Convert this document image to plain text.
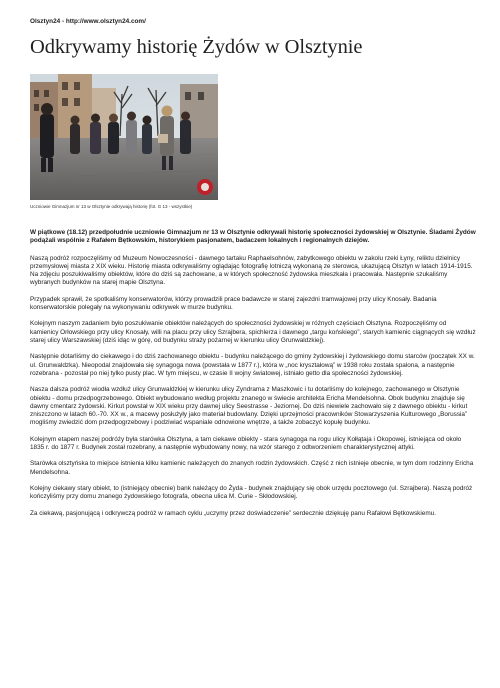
Olsztyn24 - http://www.olsztyn24.com/
Odkrywamy historię Żydów w Olsztynie
Uczniowie Gimnazjum nr 13 w Olsztynie odkrywają historię (fot. G 13 - wszystkie)

W piątkowe (18.12) przedpołudnie uczniowie Gimnazjum nr 13 w Olsztynie odkrywali historię społeczności żydowskiej w Olsztynie. Śladami Żydów podążali wspólnie z Rafałem Bętkowskim, historykiem pasjonatem, badaczem lokalnych i regionalnych dziejów.

Naszą podróż rozpoczęliśmy od Muzeum Nowoczesności - dawnego tartaku Raphaelsohnów, zabytkowego obiektu w zakolu rzeki Łyny, reliktu dzielnicy przemysłowej miasta z XIX wieku. Historię miasta odkrywaliśmy oglądając fotografię lotniczą wykonaną ze sterowca, ukazującą Olsztyn w latach 1914-1915. Na zdjęciu poszukiwaliśmy obiektów, które do dziś są zachowane, a w których społeczność żydowska mieszkała i pracowała. Następnie szukaliśmy wybranych budynków na starej mapie Olsztyna.

Przypadek sprawił, że spotkaliśmy konserwatorów, którzy prowadzili prace badawcze w starej zajezdni tramwajowej przy ulicy Knosały. Badania konserwatorskie polegały na wykonywaniu odkrywek w murze budynku.

Kolejnym naszym zadaniem było poszukiwanie obiektów należących do społeczności żydowskiej w różnych częściach Olsztyna. Rozpoczęliśmy od kamienicy Orłowskiego przy ulicy Knosały, willi na placu przy ulicy Szrajbera, spichlerza i dawnego „targu końskiego”, starych kamienic ciągnących się wzdłuż starej ulicy Warszawskiej (dziś idąc w górę, od budynku straży pożarnej w kierunku ulicy Grunwaldzkiej).

Następnie dotarliśmy do ciekawego i do dziś zachowanego obiektu - budynku należącego do gminy żydowskiej i żydowskiego domu starców (początek XX w. ul. Grunwaldzka). Nieopodal znajdowała się synagoga nowa (powstała w 1877 r.), która w „noc kryształową” w 1938 roku została spalona, a następnie rozebrana - pozostał po niej tylko pusty plac. W tym miejscu, w czasie II wojny światowej, istniało getto dla społeczności żydowskiej.

Nasza dalsza podróż wiodła wzdłuż ulicy Grunwaldzkiej w kierunku ulicy Zyndrama z Maszkowic i tu dotarliśmy do kolejnego, zachowanego w Olsztynie obiektu - domu przedpogrzebowego. Obiekt wybudowano według projektu znanego w świecie architekta Ericha Mendelsohna. Obok budynku znajduje się dawny cmentarz żydowski. Kirkut powstał w XIX wieku przy dawnej ulicy Seestrasse - Jeziornej. Do dziś niewiele zachowało się z dawnego obiektu - kirkut zniszczono w latach 60.-70. XX w., a macewy posłużyły jako materiał budowlany. Dzięki uprzejmości pracowników Stowarzyszenia Kulturowego „Borussia” mogliśmy zwiedzić dom przedpogrzebowy i podziwiać wspaniale odnowione wnętrze, a także zobaczyć kopułę budynku.

Kolejnym etapem naszej podróży była starówka Olsztyna, a tam ciekawe obiekty - stara synagoga na rogu ulicy Kołłątaja i Okopowej, istniejąca od około 1835 r. do 1877 r. Budynek został rozebrany, a następnie wybudowany nowy, na wzór starego z odtworzeniem charakterystycznej attyki.

Starówka olsztyńska to miejsce istnienia kilku kamienic należących do znanych rodzin żydowskich. Część z nich istnieje obecnie, w tym dom rodzinny Ericha Mendelsohna.

Kolejny ciekawy stary obiekt, to (istniejący obecnie) bank należący do Żyda - budynek znajdujący się obok urzędu pocztowego (ul. Szrajbera). Naszą podróż kończyliśmy przy domu znanego żydowskiego fotografa, obecna ulica M. Curie - Skłodowskiej.

Za ciekawą, pasjonującą i odkrywczą podróż w ramach cyklu „uczymy przez doświadczenie” serdecznie dziękuję panu Rafałowi Bętkowskiemu.
